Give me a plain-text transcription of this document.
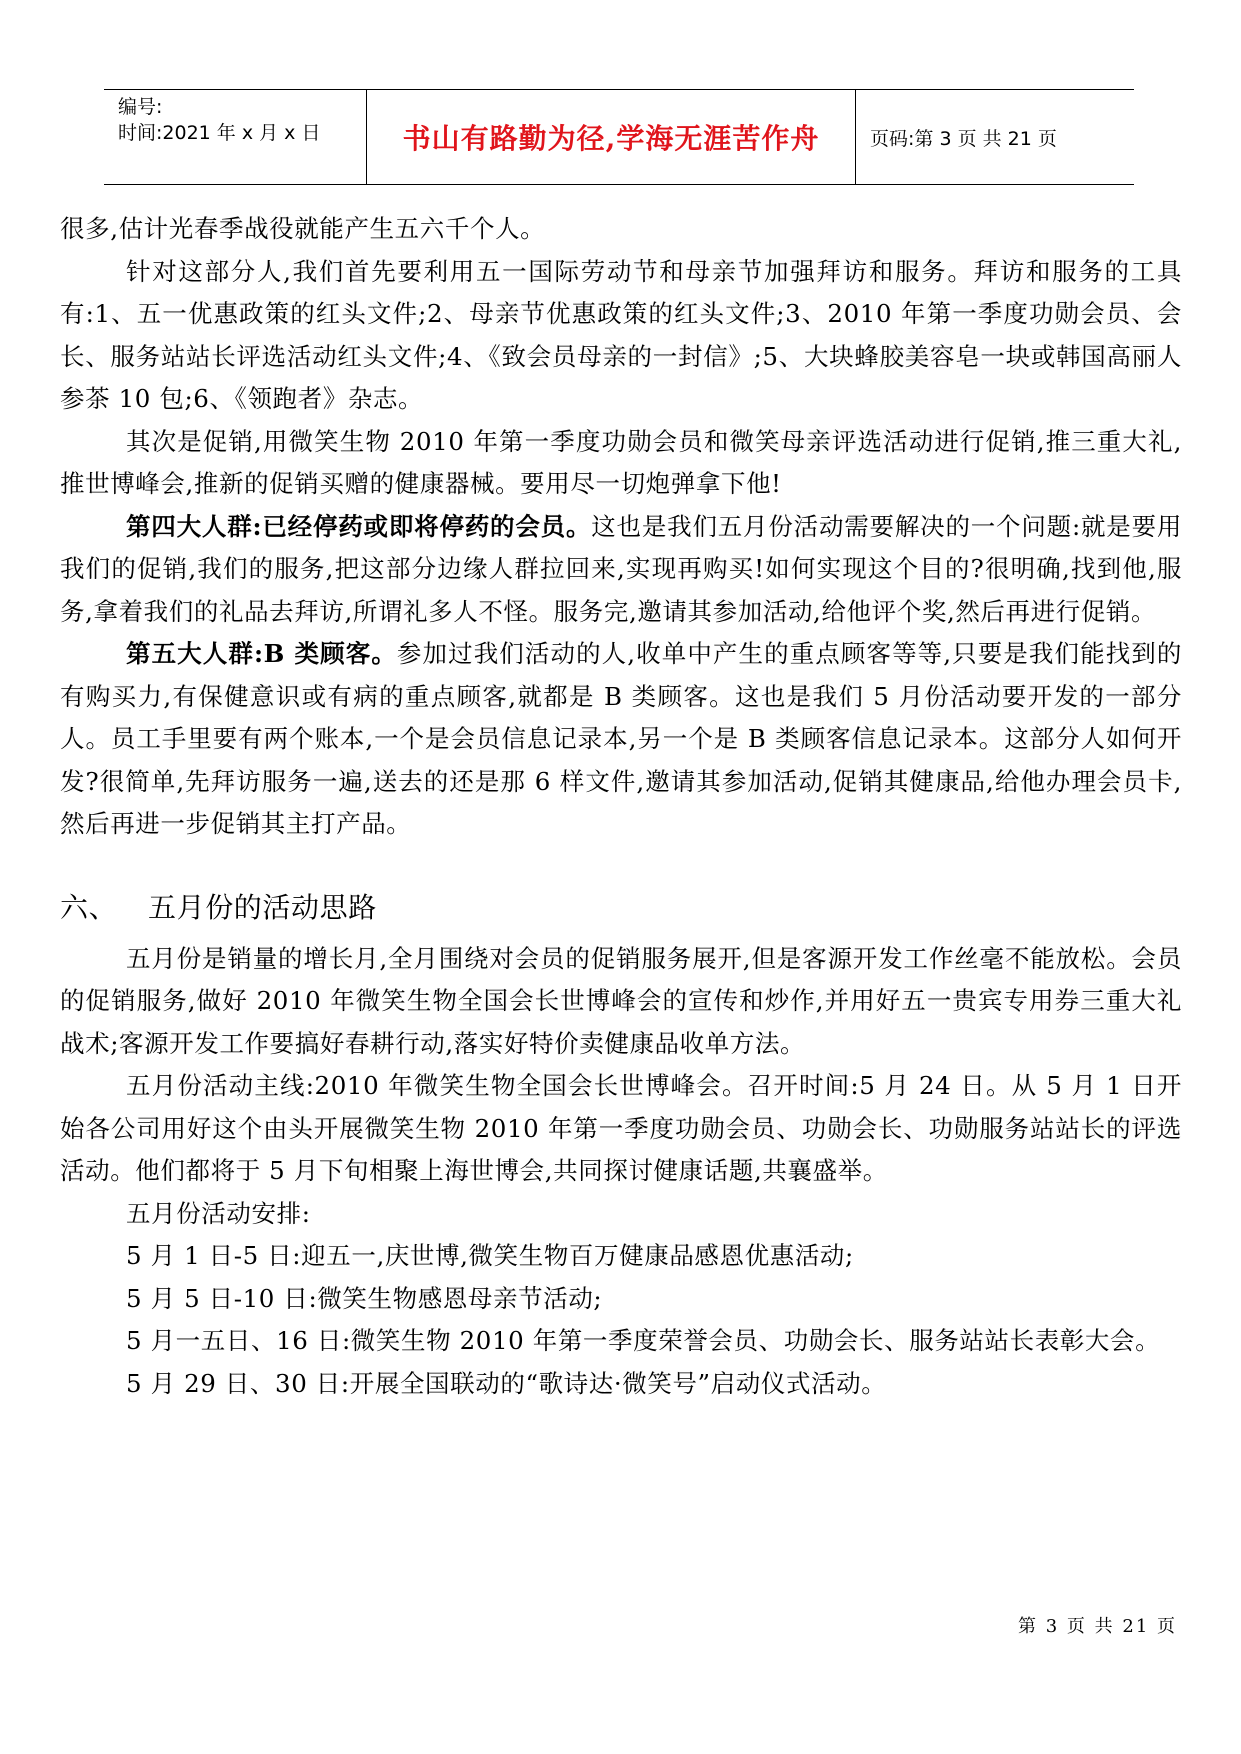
编号:
时间:2021 年 x 月 x 日	书山有路勤为径,学海无涯苦作舟	页码:第 3 页 共 21 页

很多,估计光春季战役就能产生五六千个人。

针对这部分人,我们首先要利用五一国际劳动节和母亲节加强拜访和服务。拜访和服务的工具有:1、五一优惠政策的红头文件;2、母亲节优惠政策的红头文件;3、2010 年第一季度功勋会员、会长、服务站站长评选活动红头文件;4、《致会员母亲的一封信》;5、大块蜂胶美容皂一块或韩国高丽人参茶 10 包;6、《领跑者》杂志。

其次是促销,用微笑生物 2010 年第一季度功勋会员和微笑母亲评选活动进行促销,推三重大礼,推世博峰会,推新的促销买赠的健康器械。要用尽一切炮弹拿下他!

第四大人群:已经停药或即将停药的会员。这也是我们五月份活动需要解决的一个问题:就是要用我们的促销,我们的服务,把这部分边缘人群拉回来,实现再购买!如何实现这个目的?很明确,找到他,服务,拿着我们的礼品去拜访,所谓礼多人不怪。服务完,邀请其参加活动,给他评个奖,然后再进行促销。

第五大人群:B 类顾客。参加过我们活动的人,收单中产生的重点顾客等等,只要是我们能找到的有购买力,有保健意识或有病的重点顾客,就都是 B 类顾客。这也是我们 5 月份活动要开发的一部分人。员工手里要有两个账本,一个是会员信息记录本,另一个是 B 类顾客信息记录本。这部分人如何开发?很简单,先拜访服务一遍,送去的还是那 6 样文件,邀请其参加活动,促销其健康品,给他办理会员卡,然后再进一步促销其主打产品。

六、 五月份的活动思路

五月份是销量的增长月,全月围绕对会员的促销服务展开,但是客源开发工作丝毫不能放松。会员的促销服务,做好 2010 年微笑生物全国会长世博峰会的宣传和炒作,并用好五一贵宾专用券三重大礼战术;客源开发工作要搞好春耕行动,落实好特价卖健康品收单方法。

五月份活动主线:2010 年微笑生物全国会长世博峰会。召开时间:5 月 24 日。从 5 月 1 日开始各公司用好这个由头开展微笑生物 2010 年第一季度功勋会员、功勋会长、功勋服务站站长的评选活动。他们都将于 5 月下旬相聚上海世博会,共同探讨健康话题,共襄盛举。

五月份活动安排:

5 月 1 日-5 日:迎五一,庆世博,微笑生物百万健康品感恩优惠活动;

5 月 5 日-10 日:微笑生物感恩母亲节活动;

5 月一五日、16 日:微笑生物 2010 年第一季度荣誉会员、功勋会长、服务站站长表彰大会。

5 月 29 日、30 日:开展全国联动的“歌诗达·微笑号”启动仪式活动。

第 3 页 共 21 页
